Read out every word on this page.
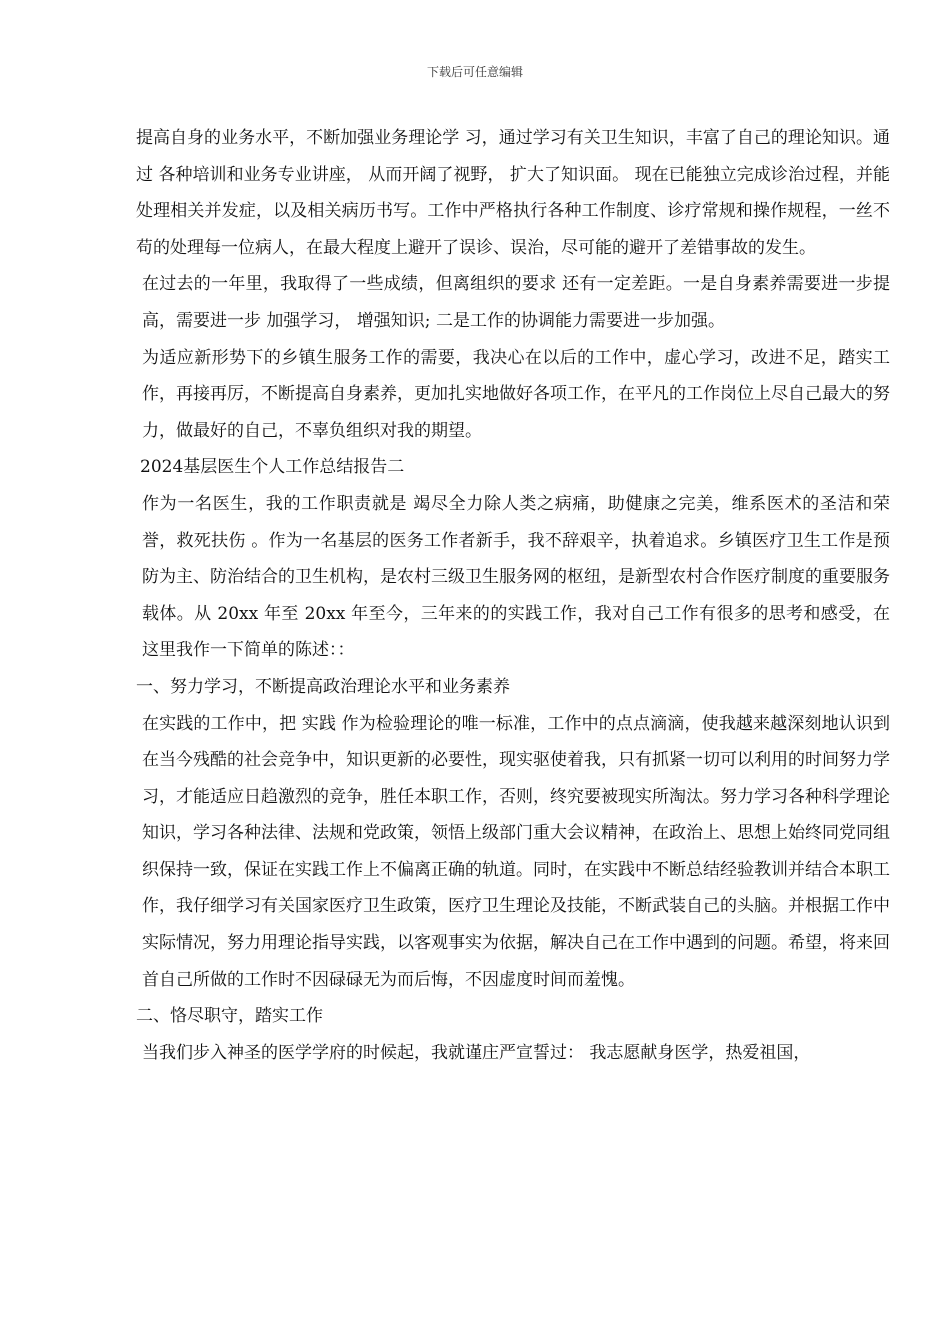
下载后可任意编辑

提高自身的业务水平，不断加强业务理论学 习，通过学习有关卫生知识，丰富了自己的理论知识。通过 各种培训和业务专业讲座， 从而开阔了视野， 扩大了知识面。 现在已能独立完成诊治过程，并能处理相关并发症，以及相关病历书写。工作中严格执行各种工作制度、诊疗常规和操作规程，一丝不苟的处理每一位病人，在最大程度上避开了误诊、误治，尽可能的避开了差错事故的发生。

在过去的一年里，我取得了一些成绩，但离组织的要求 还有一定差距。一是自身素养需要进一步提高，需要进一步 加强学习， 增强知识; 二是工作的协调能力需要进一步加强。

为适应新形势下的乡镇生服务工作的需要，我决心在以后的工作中，虚心学习，改进不足，踏实工作，再接再厉，不断提高自身素养，更加扎实地做好各项工作，在平凡的工作岗位上尽自己最大的努力，做最好的自己，不辜负组织对我的期望。

2024基层医生个人工作总结报告二

作为一名医生，我的工作职责就是 竭尽全力除人类之病痛，助健康之完美，维系医术的圣洁和荣誉，救死扶伤 。作为一名基层的医务工作者新手，我不辞艰辛，执着追求。乡镇医疗卫生工作是预防为主、防治结合的卫生机构，是农村三级卫生服务网的枢纽，是新型农村合作医疗制度的重要服务载体。从 20xx 年至 20xx 年至今，三年来的的实践工作，我对自己工作有很多的思考和感受，在这里我作一下简单的陈述：：

一、努力学习，不断提高政治理论水平和业务素养

在实践的工作中，把 实践 作为检验理论的唯一标准，工作中的点点滴滴，使我越来越深刻地认识到在当今残酷的社会竞争中，知识更新的必要性，现实驱使着我，只有抓紧一切可以利用的时间努力学习，才能适应日趋激烈的竞争，胜任本职工作，否则，终究要被现实所淘汰。努力学习各种科学理论知识，学习各种法律、法规和党政策，领悟上级部门重大会议精神，在政治上、思想上始终同党同组织保持一致，保证在实践工作上不偏离正确的轨道。同时，在实践中不断总结经验教训并结合本职工作，我仔细学习有关国家医疗卫生政策，医疗卫生理论及技能，不断武装自己的头脑。并根据工作中实际情况，努力用理论指导实践，以客观事实为依据，解决自己在工作中遇到的问题。希望，将来回首自己所做的工作时不因碌碌无为而后悔，不因虚度时间而羞愧。

二、恪尽职守，踏实工作

当我们步入神圣的医学学府的时候起，我就谨庄严宣誓过： 我志愿献身医学，热爱祖国，
